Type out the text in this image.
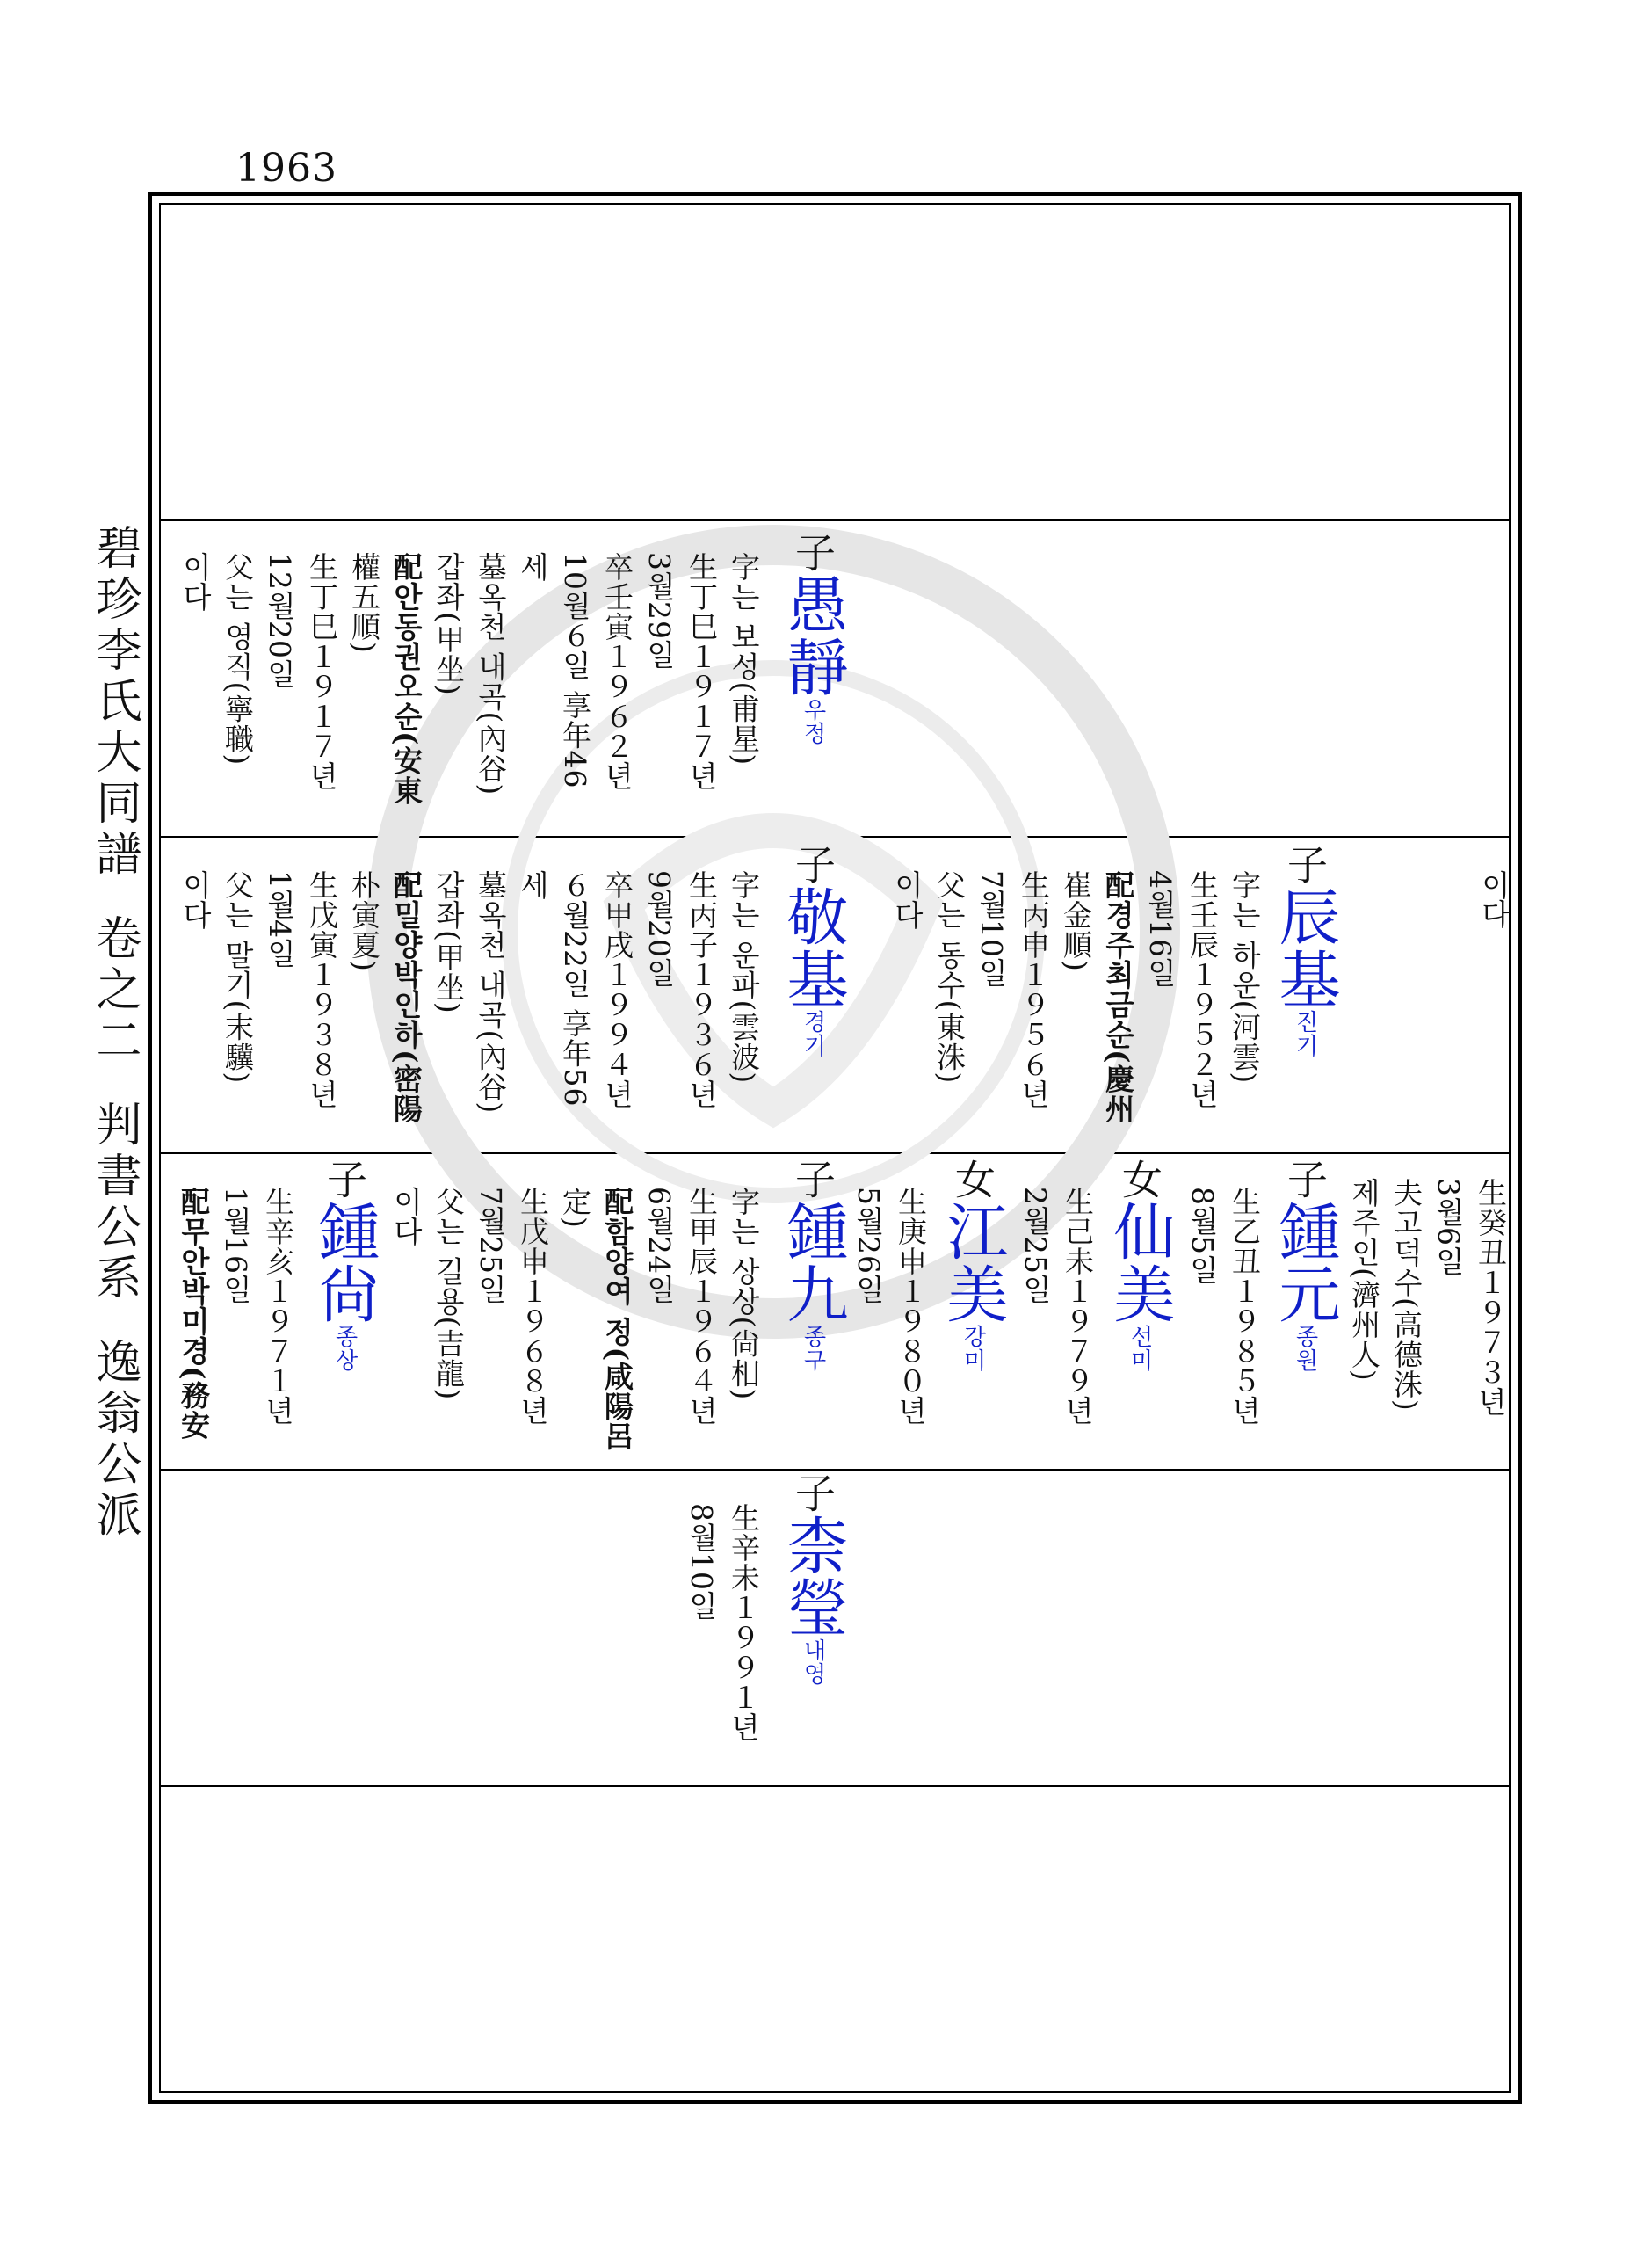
1963
碧珍李氏大同譜卷之二判書公系逸翁公派
이다
子愚靜우정
字는 보성(甫星)
生丁巳１９１７년
3월29일
卒壬寅１９６２년
10월６일 享年46
세
墓옥천 내곡(內谷)
갑좌(甲坐)
配안동권오순(安東
權五順)
生丁巳１９１７년
12월20일
父는 영직(寧職)
이다
子辰基진기
字는 하운(河雲)
生壬辰１９５２년
4월16일
配경주최금순(慶州
崔金順)
生丙申１９５６년
7월10일
父는 동수(東洙)
이다
子敬基경기
字는 운파(雲波)
生丙子１９３６년
9월20일
卒甲戌１９９４년
６월22일 享年56
세
墓옥천 내곡(內谷)
갑좌(甲坐)
配밀양박인하(密陽
朴寅夏)
生戊寅１９３８년
1월4일
父는 말기(末驥)
이다
生癸丑１９７３년
3월6일
夫고덕수(高德洙)
제주인(濟州人)
子鍾元종원
生乙丑１９８５년
8월5일
女仙美선미
生己未１９７９년
2월25일
女江美강미
生庚申１９８０년
5월26일
子鍾九종구
字는 상상(尙相)
生甲辰１９６４년
6월24일
配함양여 정(咸陽呂
定)
生戊申１９６８년
7월25일
父는 길용(吉龍)
이다
子鍾尙종상
生辛亥１９７１년
1월16일
配무안박미경(務安
子柰瑩내영
生辛未１９９１년
8월10일
